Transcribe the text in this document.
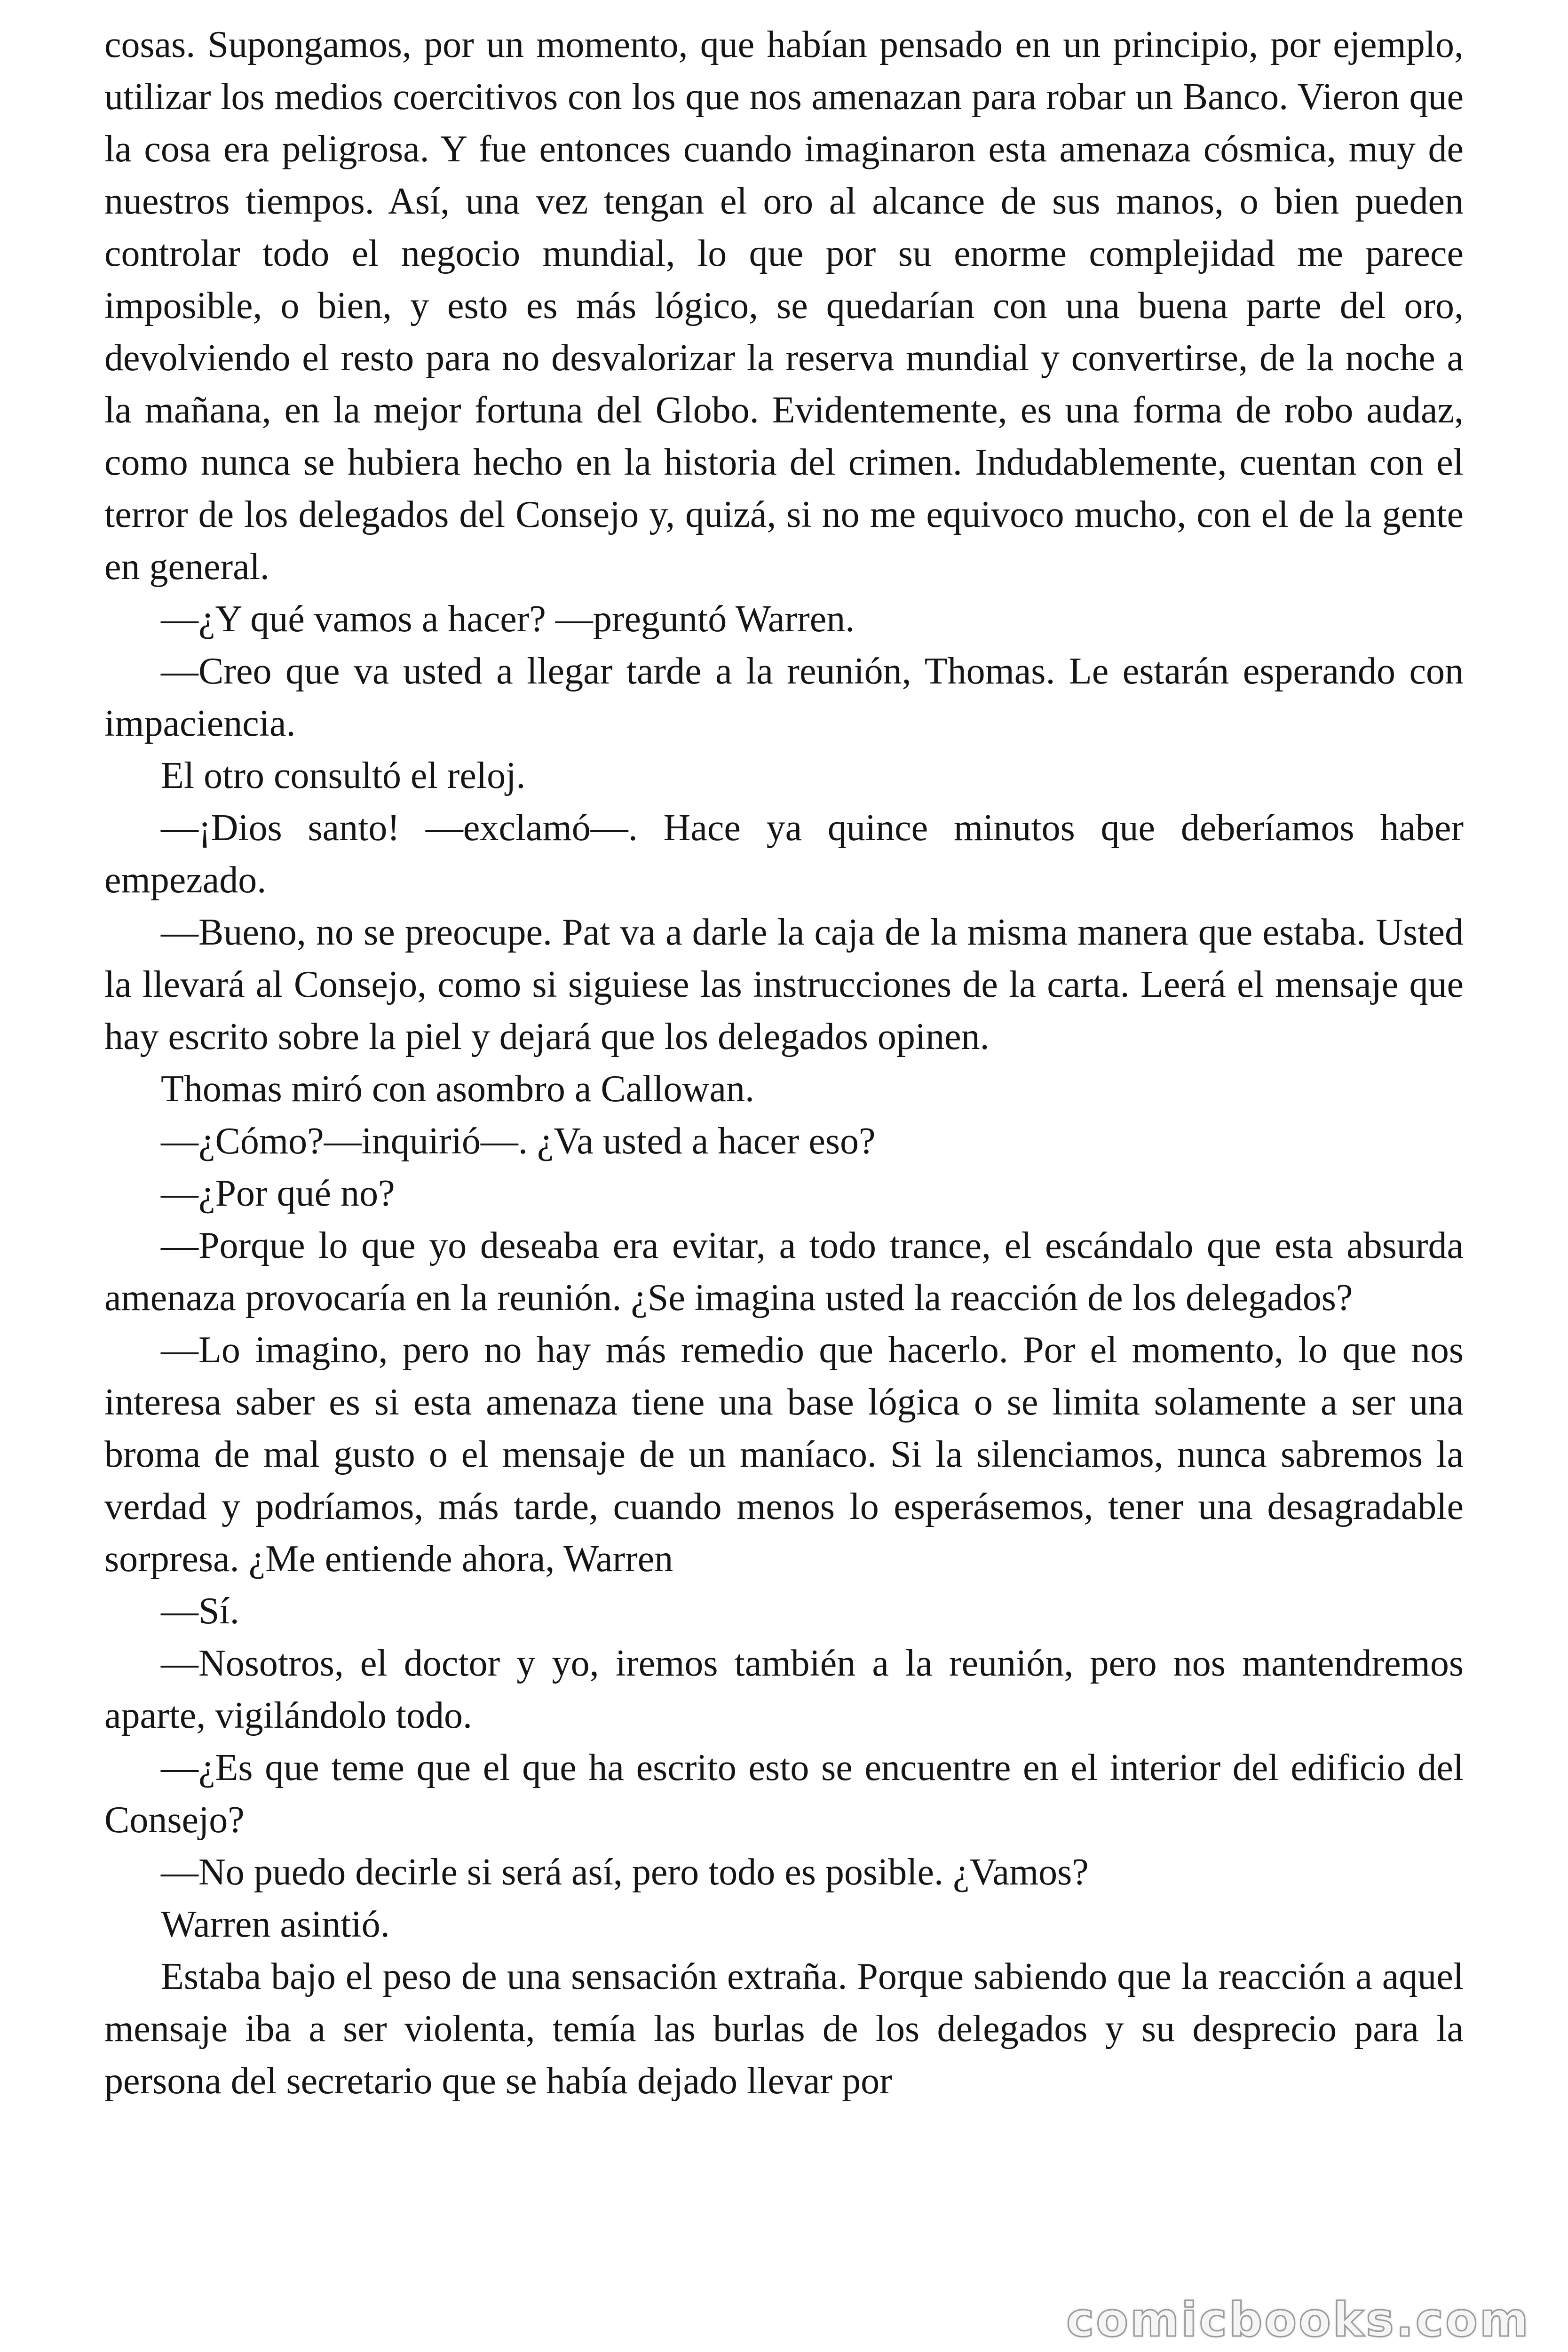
cosas. Supongamos, por un momento, que habían pensado en un principio, por ejemplo, utilizar los medios coercitivos con los que nos amenazan para robar un Banco. Vieron que la cosa era peligrosa. Y fue entonces cuando imaginaron esta amenaza cósmica, muy de nuestros tiempos. Así, una vez tengan el oro al alcance de sus manos, o bien pueden controlar todo el negocio mundial, lo que por su enorme complejidad me parece imposible, o bien, y esto es más lógico, se quedarían con una buena parte del oro, devolviendo el resto para no desvalorizar la reserva mundial y convertirse, de la noche a la mañana, en la mejor fortuna del Globo. Evidentemente, es una forma de robo audaz, como nunca se hubiera hecho en la historia del crimen. Indudablemente, cuentan con el terror de los delegados del Consejo y, quizá, si no me equivoco mucho, con el de la gente en general.

—¿Y qué vamos a hacer? —preguntó Warren.

—Creo que va usted a llegar tarde a la reunión, Thomas. Le estarán esperando con impaciencia.

El otro consultó el reloj.

—¡Dios santo! —exclamó—. Hace ya quince minutos que deberíamos haber empezado.

—Bueno, no se preocupe. Pat va a darle la caja de la misma manera que estaba. Usted la llevará al Consejo, como si siguiese las instrucciones de la carta. Leerá el mensaje que hay escrito sobre la piel y dejará que los delegados opinen.

Thomas miró con asombro a Callowan.

—¿Cómo?—inquirió—. ¿Va usted a hacer eso?

—¿Por qué no?

—Porque lo que yo deseaba era evitar, a todo trance, el escándalo que esta absurda amenaza provocaría en la reunión. ¿Se imagina usted la reacción de los delegados?

—Lo imagino, pero no hay más remedio que hacerlo. Por el momento, lo que nos interesa saber es si esta amenaza tiene una base lógica o se limita solamente a ser una broma de mal gusto o el mensaje de un maníaco. Si la silenciamos, nunca sabremos la verdad y podríamos, más tarde, cuando menos lo esperásemos, tener una desagradable sorpresa. ¿Me entiende ahora, Warren

—Sí.

—Nosotros, el doctor y yo, iremos también a la reunión, pero nos mantendremos aparte, vigilándolo todo.

—¿Es que teme que el que ha escrito esto se encuentre en el interior del edificio del Consejo?

—No puedo decirle si será así, pero todo es posible. ¿Vamos?

Warren asintió.

Estaba bajo el peso de una sensación extraña. Porque sabiendo que la reacción a aquel mensaje iba a ser violenta, temía las burlas de los delegados y su desprecio para la persona del secretario que se había dejado llevar por

comicbooks.com
